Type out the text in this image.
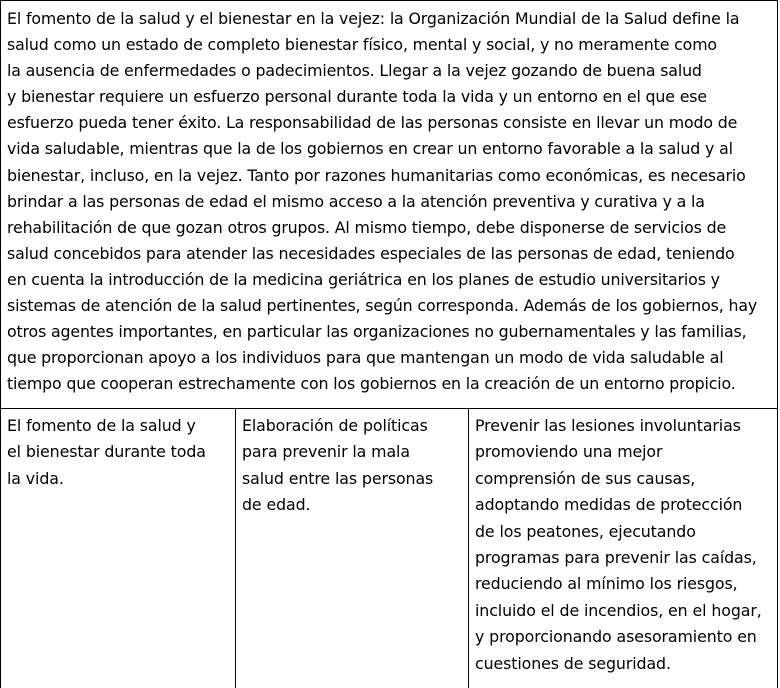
El fomento de la salud y el bienestar en la vejez: la Organización Mundial de la Salud define la
salud como un estado de completo bienestar físico, mental y social, y no meramente como
la ausencia de enfermedades o padecimientos. Llegar a la vejez gozando de buena salud
y bienestar requiere un esfuerzo personal durante toda la vida y un entorno en el que ese
esfuerzo pueda tener éxito. La responsabilidad de las personas consiste en llevar un modo de
vida saludable, mientras que la de los gobiernos en crear un entorno favorable a la salud y al
bienestar, incluso, en la vejez. Tanto por razones humanitarias como económicas, es necesario
brindar a las personas de edad el mismo acceso a la atención preventiva y curativa y a la
rehabilitación de que gozan otros grupos. Al mismo tiempo, debe disponerse de servicios de
salud concebidos para atender las necesidades especiales de las personas de edad, teniendo
en cuenta la introducción de la medicina geriátrica en los planes de estudio universitarios y
sistemas de atención de la salud pertinentes, según corresponda. Además de los gobiernos, hay
otros agentes importantes, en particular las organizaciones no gubernamentales y las familias,
que proporcionan apoyo a los individuos para que mantengan un modo de vida saludable al
tiempo que cooperan estrechamente con los gobiernos en la creación de un entorno propicio.

El fomento de la salud y
el bienestar durante toda
la vida.

Elaboración de políticas
para prevenir la mala
salud entre las personas
de edad.

Prevenir las lesiones involuntarias
promoviendo una mejor
comprensión de sus causas,
adoptando medidas de protección
de los peatones, ejecutando
programas para prevenir las caídas,
reduciendo al mínimo los riesgos,
incluido el de incendios, en el hogar,
y proporcionando asesoramiento en
cuestiones de seguridad.
